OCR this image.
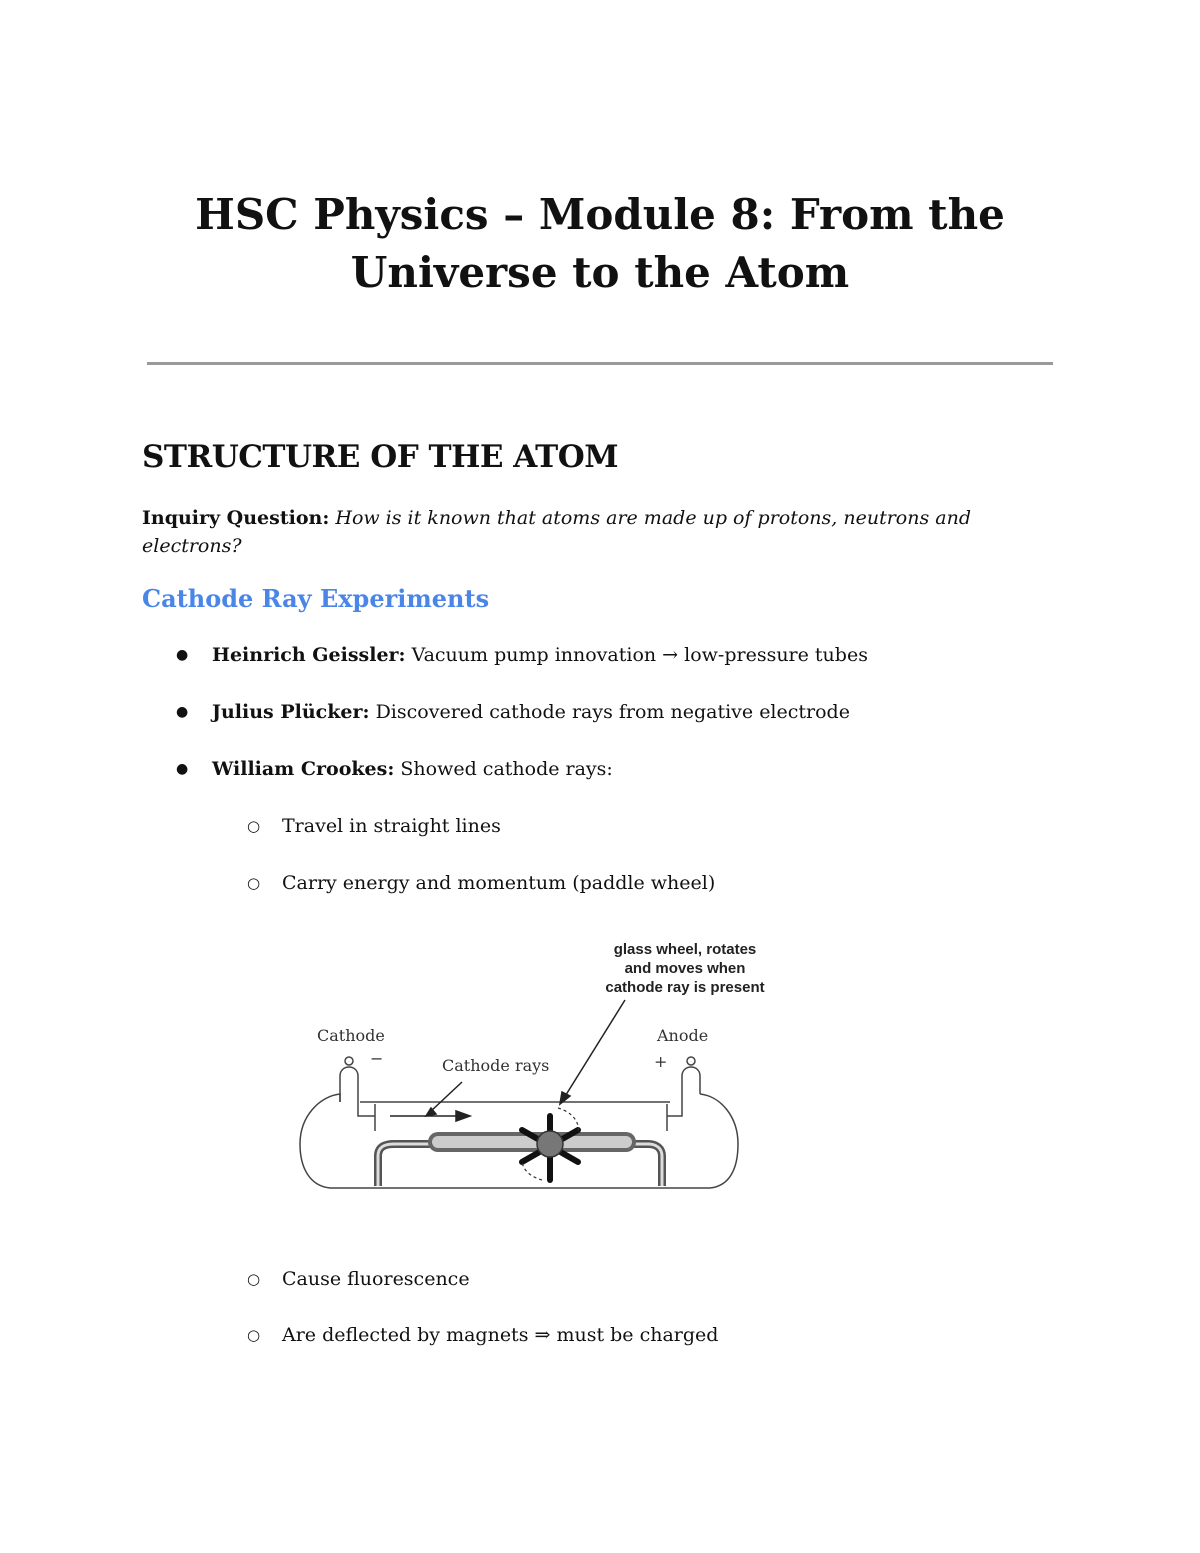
HSC Physics – Module 8: From the
Universe to the Atom
STRUCTURE OF THE ATOM

Inquiry Question: How is it known that atoms are made up of protons, neutrons and electrons?

Cathode Ray Experiments
● Heinrich Geissler: Vacuum pump innovation → low-pressure tubes
● Julius Plücker: Discovered cathode rays from negative electrode
● William Crookes: Showed cathode rays:
○ Travel in straight lines
○ Carry energy and momentum (paddle wheel)
glass wheel, rotates
and moves when
cathode ray is present
Cathode	Anode
Cathode rays
−	+
○ Cause fluorescence
○ Are deflected by magnets ⇒ must be charged
